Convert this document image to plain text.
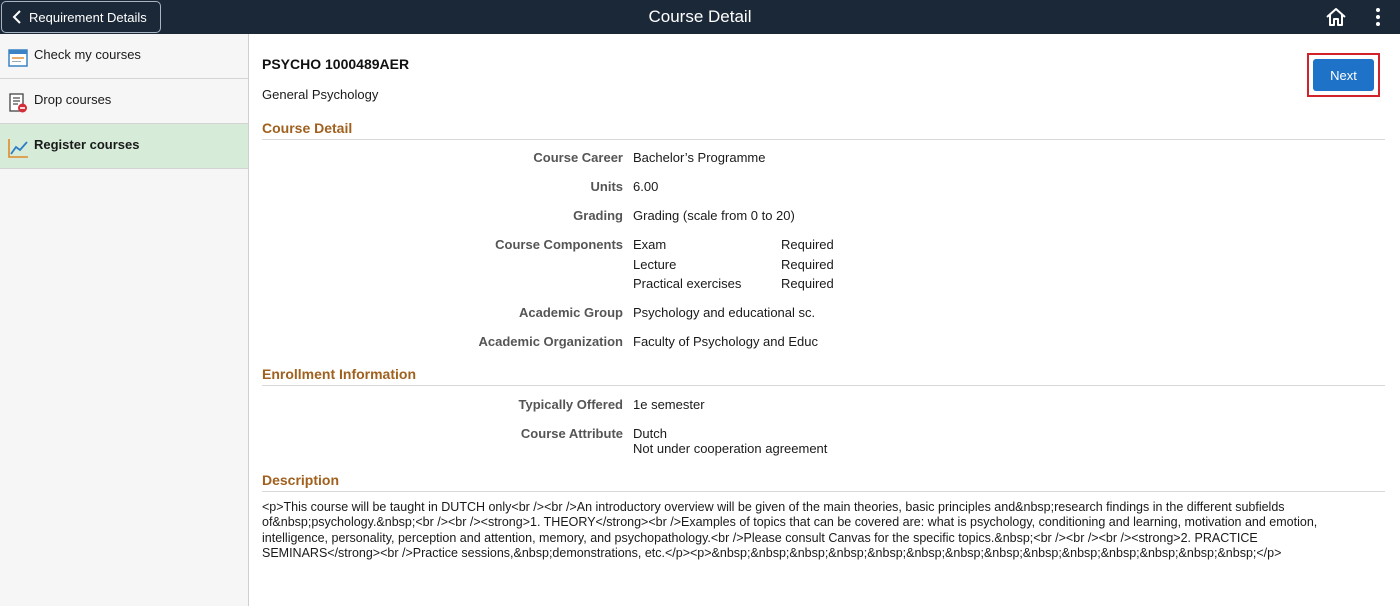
Requirement Details	Course Detail
Check my courses
Drop courses
Register courses
PSYCHO 1000489AER
General Psychology
Next
Course Detail
Course Career Bachelor’s Programme
Units 6.00
Grading Grading (scale from 0 to 20)
Course Components Exam	Required
Lecture	Required
Practical exercises	Required
Academic Group Psychology and educational sc.
Academic Organization Faculty of Psychology and Educ
Enrollment Information
Typically Offered 1e semester
Course Attribute Dutch
Not under cooperation agreement
Description
<p>This course will be taught in DUTCH only<br /><br />An introductory overview will be given of the main theories, basic principles and&nbsp;research findings in the different subfields of&nbsp;psychology.&nbsp;<br /><br /><strong>1. THEORY</strong><br />Examples of topics that can be covered are: what is psychology, conditioning and learning, motivation and emotion, intelligence, personality, perception and attention, memory, and psychopathology.<br />Please consult Canvas for the specific topics.&nbsp;<br /><br /><br /><strong>2. PRACTICE SEMINARS</strong><br />Practice sessions,&nbsp;demonstrations, etc.</p><p>&nbsp;&nbsp;&nbsp;&nbsp;&nbsp;&nbsp;&nbsp;&nbsp;&nbsp;&nbsp;&nbsp;&nbsp;&nbsp;&nbsp;</p>
